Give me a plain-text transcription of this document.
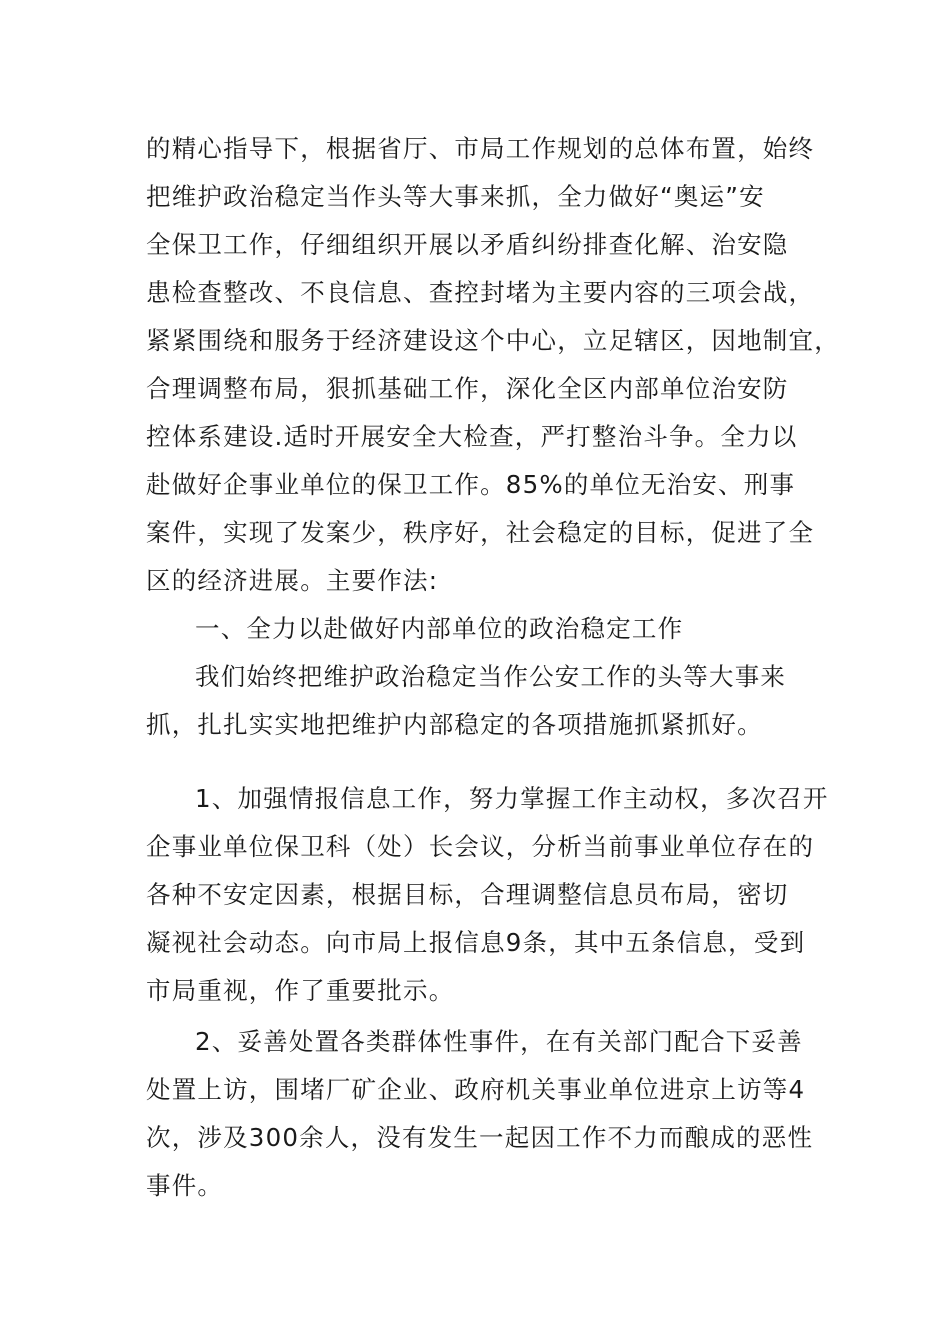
的精心指导下，根据省厅、市局工作规划的总体布置，始终
把维护政治稳定当作头等大事来抓，全力做好“奥运”安
全保卫工作，仔细组织开展以矛盾纠纷排查化解、治安隐
患检查整改、不良信息、查控封堵为主要内容的三项会战，
紧紧围绕和服务于经济建设这个中心，立足辖区，因地制宜，
合理调整布局，狠抓基础工作，深化全区内部单位治安防
控体系建设.适时开展安全大检查，严打整治斗争。全力以
赴做好企事业单位的保卫工作。85%的单位无治安、刑事
案件，实现了发案少，秩序好，社会稳定的目标，促进了全
区的经济进展。主要作法:
一、全力以赴做好内部单位的政治稳定工作
我们始终把维护政治稳定当作公安工作的头等大事来
抓，扎扎实实地把维护内部稳定的各项措施抓紧抓好。
1、加强情报信息工作，努力掌握工作主动权，多次召开
企事业单位保卫科（处）长会议，分析当前事业单位存在的
各种不安定因素，根据目标，合理调整信息员布局，密切
凝视社会动态。向市局上报信息9条，其中五条信息，受到
市局重视，作了重要批示。
2、妥善处置各类群体性事件，在有关部门配合下妥善
处置上访，围堵厂矿企业、政府机关事业单位进京上访等4
次，涉及300余人，没有发生一起因工作不力而酿成的恶性
事件。
